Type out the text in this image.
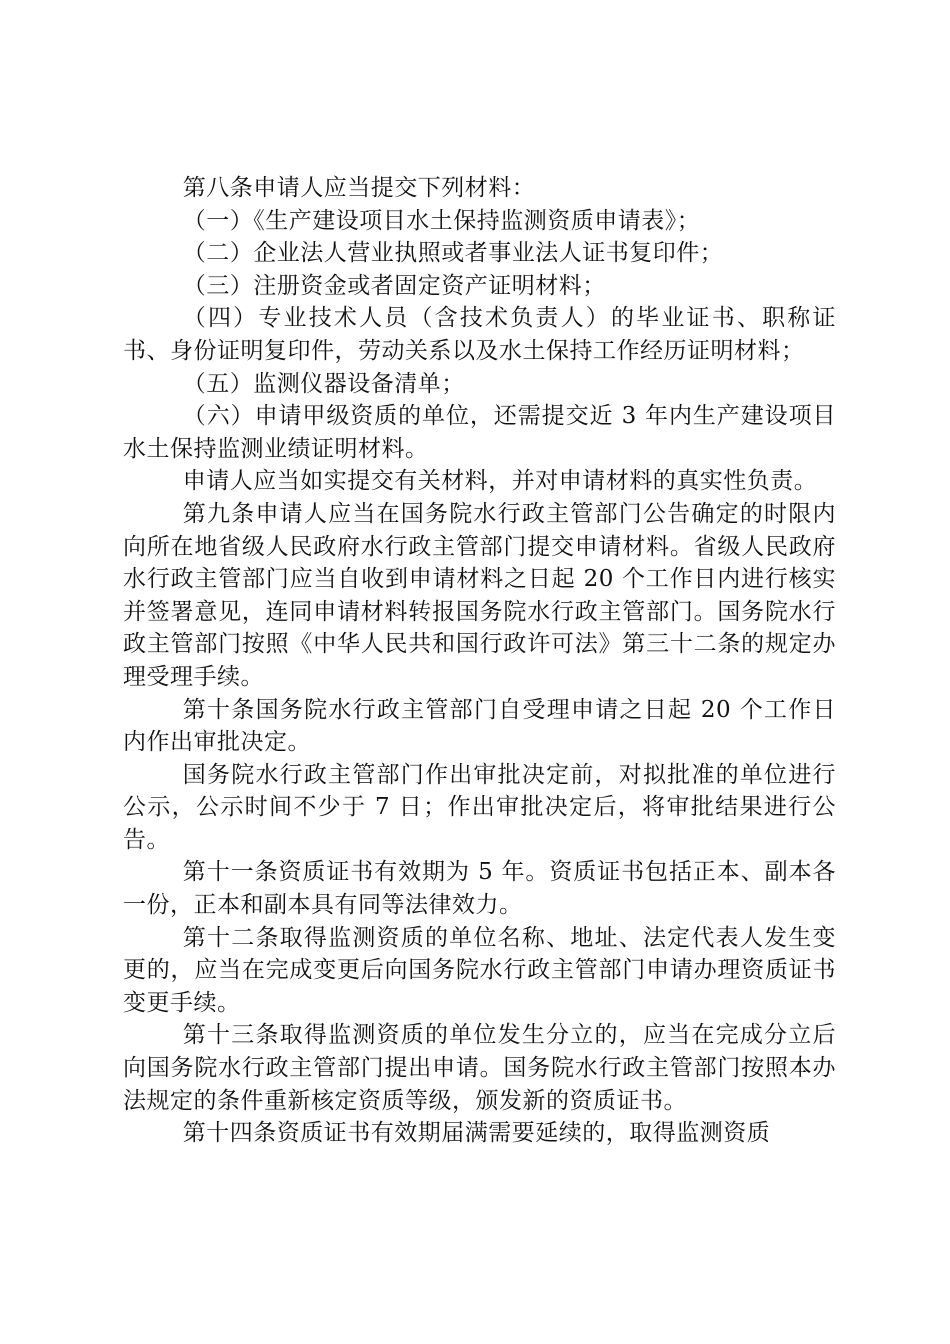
第八条申请人应当提交下列材料：

（一）《生产建设项目水土保持监测资质申请表》；

（二）企业法人营业执照或者事业法人证书复印件；

（三）注册资金或者固定资产证明材料；

（四）专业技术人员（含技术负责人）的毕业证书、职称证书、身份证明复印件，劳动关系以及水土保持工作经历证明材料；

（五）监测仪器设备清单；

（六）申请甲级资质的单位，还需提交近 3 年内生产建设项目水土保持监测业绩证明材料。

申请人应当如实提交有关材料，并对申请材料的真实性负责。

第九条申请人应当在国务院水行政主管部门公告确定的时限内向所在地省级人民政府水行政主管部门提交申请材料。省级人民政府水行政主管部门应当自收到申请材料之日起 20 个工作日内进行核实并签署意见，连同申请材料转报国务院水行政主管部门。国务院水行政主管部门按照《中华人民共和国行政许可法》第三十二条的规定办理受理手续。

第十条国务院水行政主管部门自受理申请之日起 20 个工作日内作出审批决定。

国务院水行政主管部门作出审批决定前，对拟批准的单位进行公示，公示时间不少于 7 日；作出审批决定后，将审批结果进行公告。

第十一条资质证书有效期为 5 年。资质证书包括正本、副本各一份，正本和副本具有同等法律效力。

第十二条取得监测资质的单位名称、地址、法定代表人发生变更的，应当在完成变更后向国务院水行政主管部门申请办理资质证书变更手续。

第十三条取得监测资质的单位发生分立的，应当在完成分立后向国务院水行政主管部门提出申请。国务院水行政主管部门按照本办法规定的条件重新核定资质等级，颁发新的资质证书。

第十四条资质证书有效期届满需要延续的，取得监测资质
